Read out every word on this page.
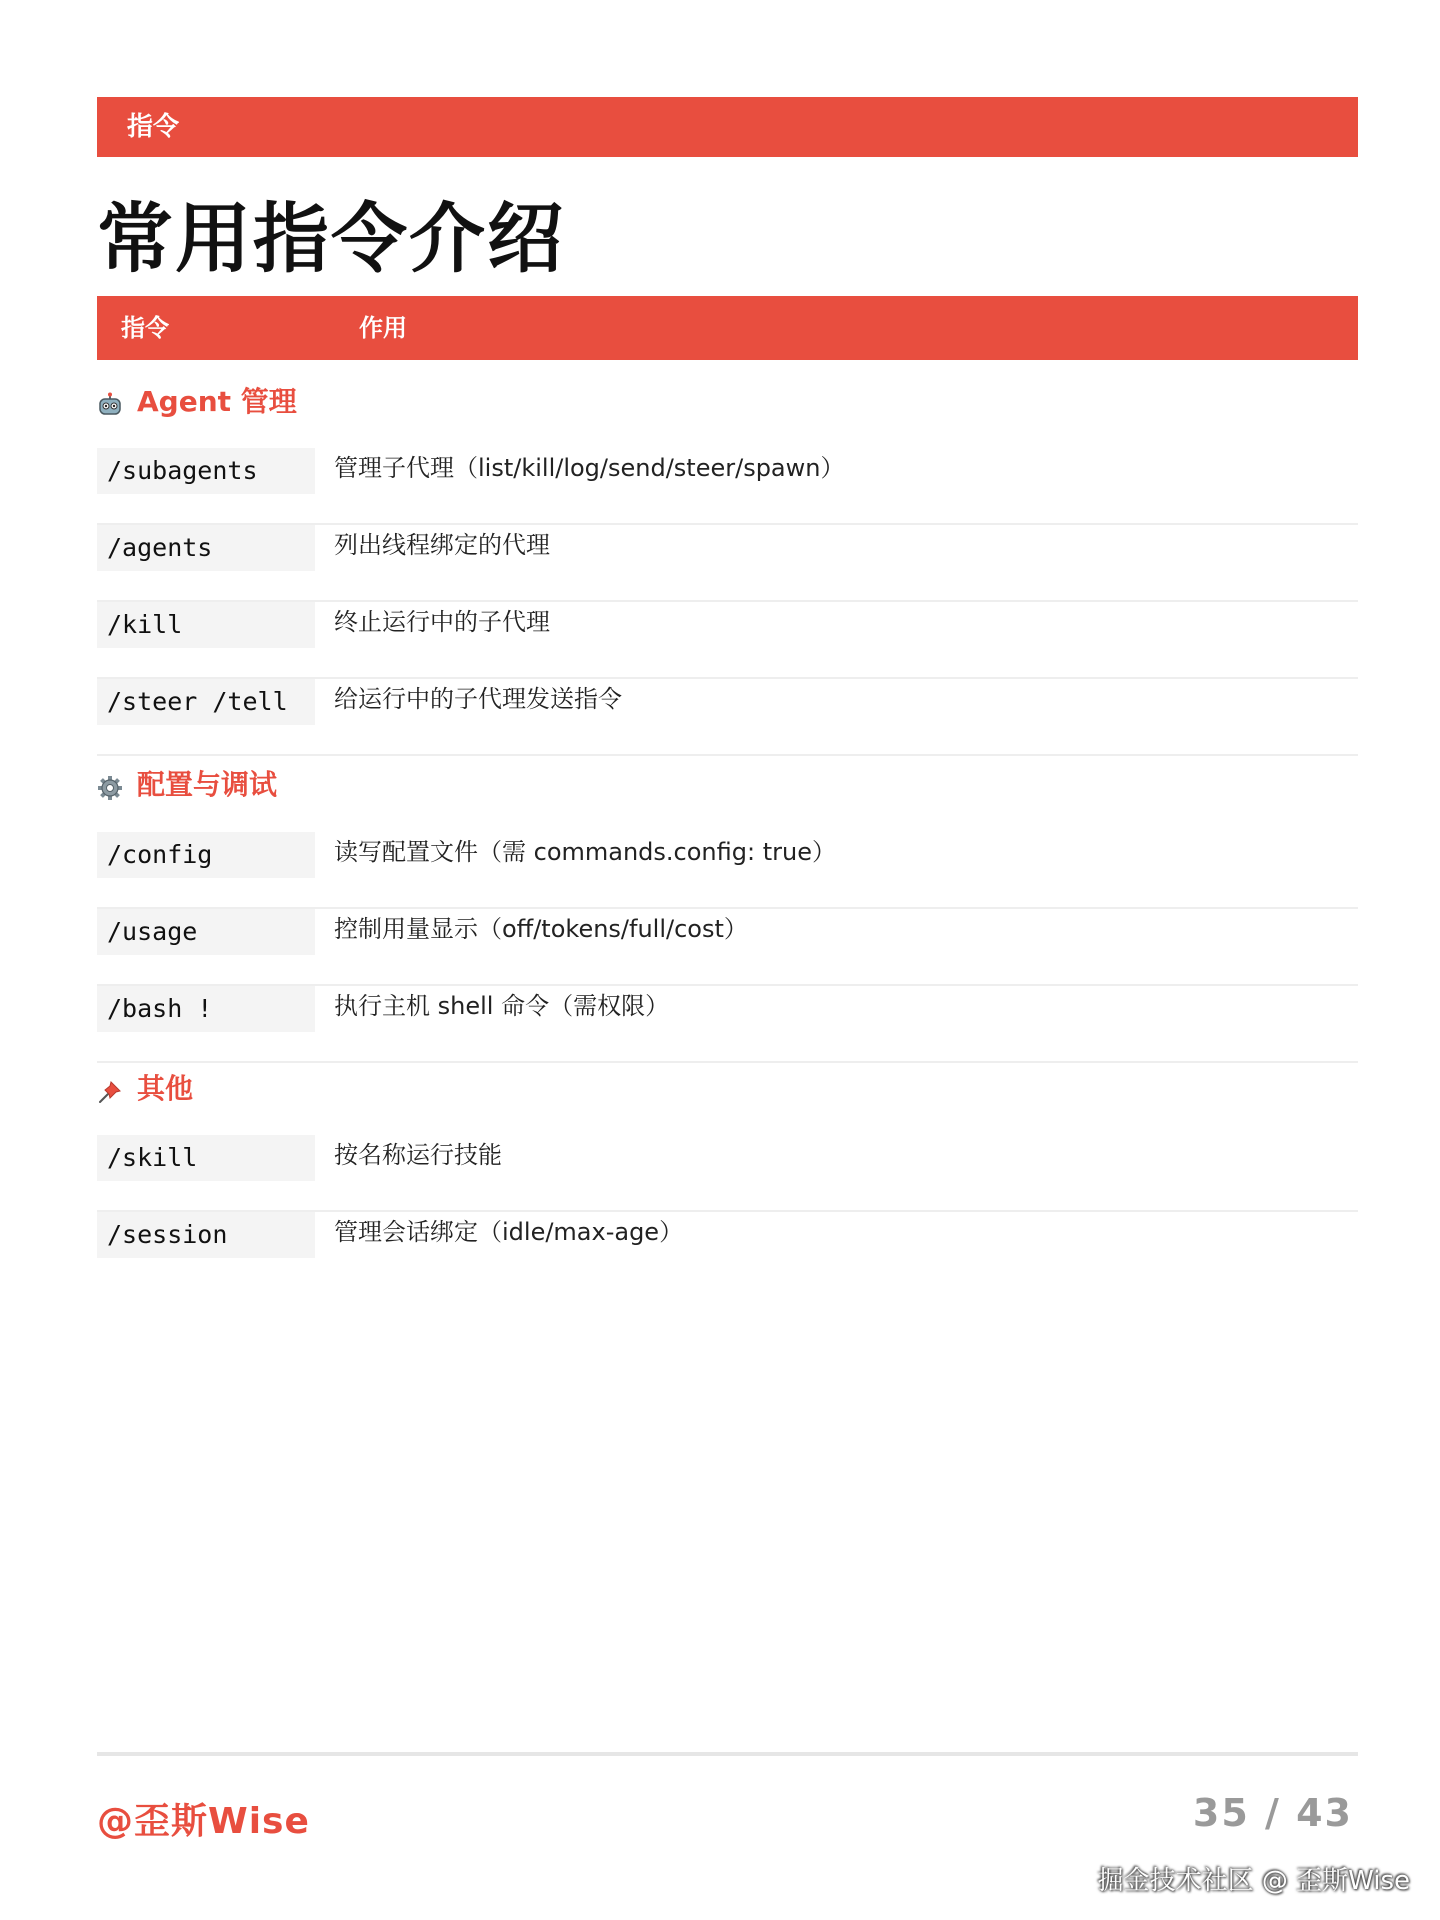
指令
常用指令介绍
指令	作用
Agent 管理
/subagents	管理子代理（list/kill/log/send/steer/spawn）
/agents	列出线程绑定的代理
/kill	终止运行中的子代理
/steer /tell	给运行中的子代理发送指令
配置与调试
/config	读写配置文件（需 commands.config: true）
/usage	控制用量显示（off/tokens/full/cost）
/bash !	执行主机 shell 命令（需权限）
其他
/skill	按名称运行技能
/session	管理会话绑定（idle/max-age）
@歪斯Wise	35 / 43
掘金技术社区 @ 歪斯Wise
